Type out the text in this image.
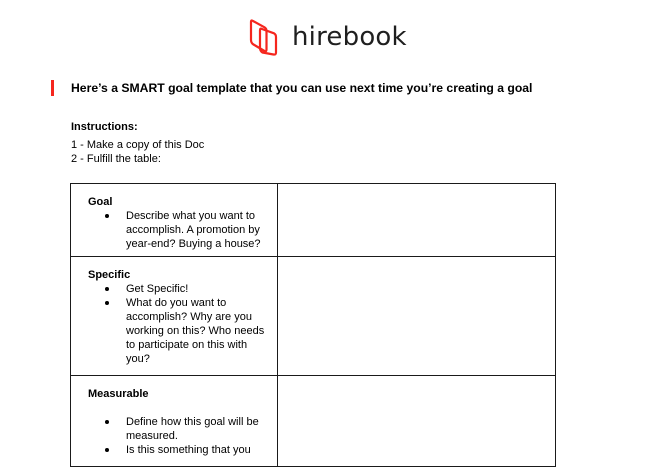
hirebook
Here’s a SMART goal template that you can use next time you’re creating a goal
Instructions:
1 - Make a copy of this Doc
2 - Fulfill the table:
Goal
Describe what you want to accomplish. A promotion by year-end? Buying a house?

Specific
Get Specific!
What do you want to accomplish? Why are you working on this? Who needs to participate on this with you?

Measurable
Define how this goal will be measured.
Is this something that you
